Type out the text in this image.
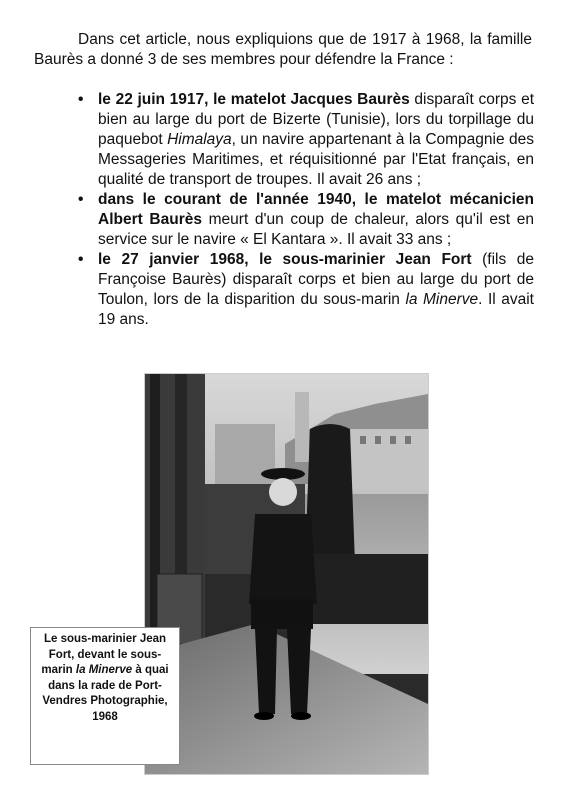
Dans cet article, nous expliquions que de 1917 à 1968, la famille Baurès a donné 3 de ses membres pour défendre la France :

• le 22 juin 1917, le matelot Jacques Baurès disparaît corps et bien au large du port de Bizerte (Tunisie), lors du torpillage du paquebot Himalaya, un navire appartenant à la Compagnie des Messageries Maritimes, et réquisitionné par l'Etat français, en qualité de transport de troupes. Il avait 26 ans ;
• dans le courant de l'année 1940, le matelot mécanicien Albert Baurès meurt d'un coup de chaleur, alors qu'il est en service sur le navire « El Kantara ». Il avait 33 ans ;
• le 27 janvier 1968, le sous-marinier Jean Fort (fils de Françoise Baurès) disparaît corps et bien au large du port de Toulon, lors de la disparition du sous-marin la Minerve. Il avait 19 ans.
Le sous-marinier Jean Fort, devant le sous-marin la Minerve à quai dans la rade de Port-Vendres Photographie, 1968
